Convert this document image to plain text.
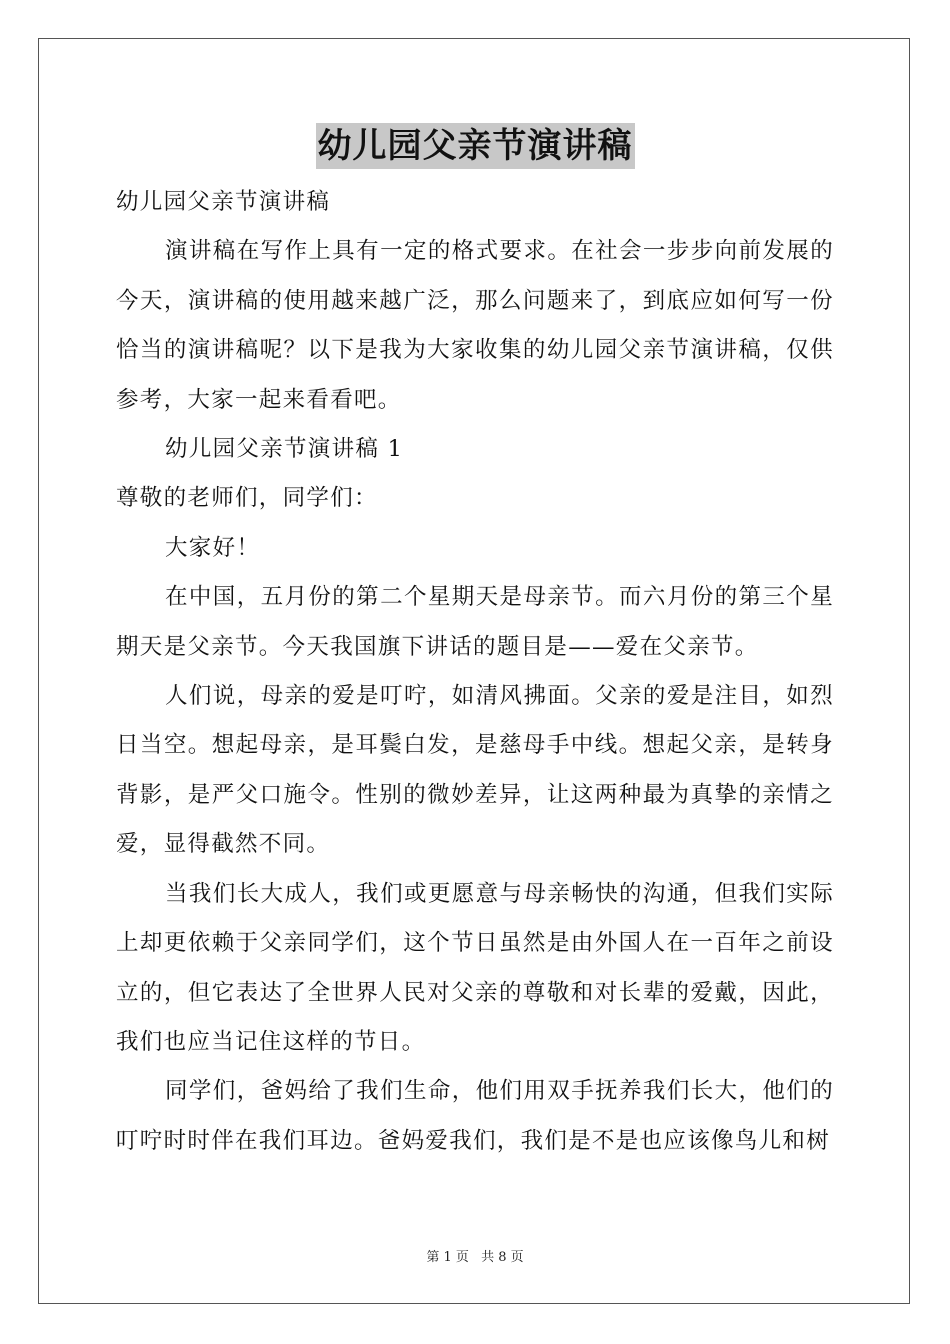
幼儿园父亲节演讲稿

幼儿园父亲节演讲稿

演讲稿在写作上具有一定的格式要求。在社会一步步向前发展的今天，演讲稿的使用越来越广泛，那么问题来了，到底应如何写一份恰当的演讲稿呢？以下是我为大家收集的幼儿园父亲节演讲稿，仅供参考，大家一起来看看吧。

幼儿园父亲节演讲稿 1

尊敬的老师们，同学们：

大家好！

在中国，五月份的第二个星期天是母亲节。而六月份的第三个星期天是父亲节。今天我国旗下讲话的题目是——爱在父亲节。

人们说，母亲的爱是叮咛，如清风拂面。父亲的爱是注目，如烈日当空。想起母亲，是耳鬓白发，是慈母手中线。想起父亲，是转身背影，是严父口施令。性别的微妙差异，让这两种最为真挚的亲情之爱，显得截然不同。

当我们长大成人，我们或更愿意与母亲畅快的沟通，但我们实际上却更依赖于父亲同学们，这个节日虽然是由外国人在一百年之前设立的，但它表达了全世界人民对父亲的尊敬和对长辈的爱戴，因此，我们也应当记住这样的节日。

同学们，爸妈给了我们生命，他们用双手抚养我们长大，他们的叮咛时时伴在我们耳边。爸妈爱我们，我们是不是也应该像鸟儿和树

第 1 页 共 8 页
